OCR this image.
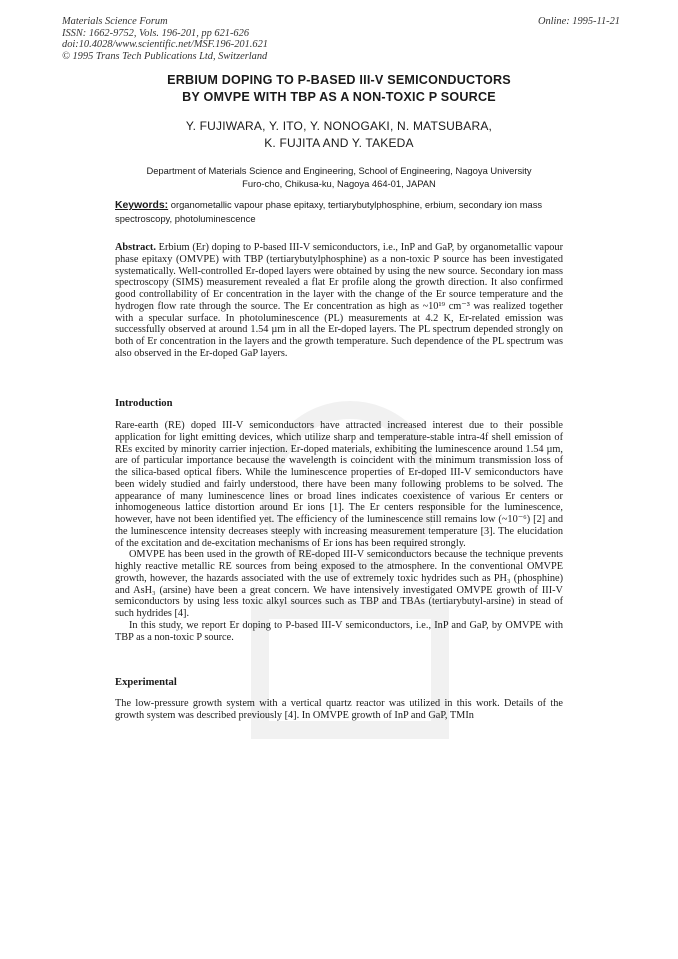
Materials Science Forum
ISSN: 1662-9752, Vols. 196-201, pp 621-626
doi:10.4028/www.scientific.net/MSF.196-201.621
© 1995 Trans Tech Publications Ltd, Switzerland
Online: 1995-11-21
ERBIUM DOPING TO P-BASED III-V SEMICONDUCTORS
BY OMVPE WITH TBP AS A NON-TOXIC P SOURCE
Y. FUJIWARA, Y. ITO, Y. NONOGAKI, N. MATSUBARA,
K. FUJITA AND Y. TAKEDA
Department of Materials Science and Engineering, School of Engineering, Nagoya University
Furo-cho, Chikusa-ku, Nagoya 464-01, JAPAN
Keywords: organometallic vapour phase epitaxy, tertiarybutylphosphine, erbium, secondary ion mass spectroscopy, photoluminescence
Abstract. Erbium (Er) doping to P-based III-V semiconductors, i.e., InP and GaP, by organometallic vapour phase epitaxy (OMVPE) with TBP (tertiarybutylphosphine) as a non-toxic P source has been investigated systematically. Well-controlled Er-doped layers were obtained by using the new source. Secondary ion mass spectroscopy (SIMS) measurement revealed a flat Er profile along the growth direction. It also confirmed good controllability of Er concentration in the layer with the change of the Er source temperature and the hydrogen flow rate through the source. The Er concentration as high as ~10¹⁹ cm⁻³ was realized together with a specular surface. In photoluminescence (PL) measurements at 4.2 K, Er-related emission was successfully observed at around 1.54 µm in all the Er-doped layers. The PL spectrum depended strongly on both of Er concentration in the layers and the growth temperature. Such dependence of the PL spectrum was also observed in the Er-doped GaP layers.
Introduction
Rare-earth (RE) doped III-V semiconductors have attracted increased interest due to their possible application for light emitting devices, which utilize sharp and temperature-stable intra-4f shell emission of REs excited by minority carrier injection. Er-doped materials, exhibiting the luminescence around 1.54 µm, are of particular importance because the wavelength is coincident with the minimum transmission loss of the silica-based optical fibers. While the luminescence properties of Er-doped III-V semiconductors have been widely studied and fairly understood, there have been many following problems to be solved. The appearance of many luminescence lines or broad lines indicates coexistence of various Er centers or inhomogeneous lattice distortion around Er ions [1]. The Er centers responsible for the luminescence, however, have not been identified yet. The efficiency of the luminescence still remains low (~10⁻⁶) [2] and the luminescence intensity decreases steeply with increasing measurement temperature [3]. The elucidation of the excitation and de-excitation mechanisms of Er ions has been required strongly.
OMVPE has been used in the growth of RE-doped III-V semiconductors because the technique prevents highly reactive metallic RE sources from being exposed to the atmosphere. In the conventional OMVPE growth, however, the hazards associated with the use of extremely toxic hydrides such as PH₃ (phosphine) and AsH₃ (arsine) have been a great concern. We have intensively investigated OMVPE growth of III-V semiconductors by using less toxic alkyl sources such as TBP and TBAs (tertiarybutyl-arsine) in stead of such hydrides [4].
In this study, we report Er doping to P-based III-V semiconductors, i.e., InP and GaP, by OMVPE with TBP as a non-toxic P source.
Experimental
The low-pressure growth system with a vertical quartz reactor was utilized in this work. Details of the growth system was described previously [4]. In OMVPE growth of InP and GaP, TMIn
